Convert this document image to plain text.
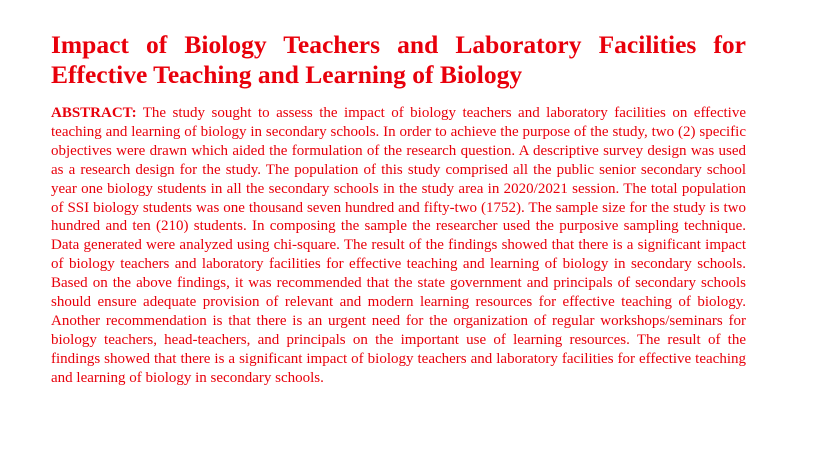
Impact of Biology Teachers and Laboratory Facilities for Effective Teaching and Learning of Biology

ABSTRACT: The study sought to assess the impact of biology teachers and laboratory facilities on effective teaching and learning of biology in secondary schools. In order to achieve the purpose of the study, two (2) specific objectives were drawn which aided the formulation of the research question. A descriptive survey design was used as a research design for the study. The population of this study comprised all the public senior secondary school year one biology students in all the secondary schools in the study area in 2020/2021 session. The total population of SSI biology students was one thousand seven hundred and fifty-two (1752). The sample size for the study is two hundred and ten (210) students. In composing the sample the researcher used the purposive sampling technique. Data generated were analyzed using chi-square. The result of the findings showed that there is a significant impact of biology teachers and laboratory facilities for effective teaching and learning of biology in secondary schools. Based on the above findings, it was recommended that the state government and principals of secondary schools should ensure adequate provision of relevant and modern learning resources for effective teaching of biology. Another recommendation is that there is an urgent need for the organization of regular workshops/seminars for biology teachers, head-teachers, and principals on the important use of learning resources. The result of the findings showed that there is a significant impact of biology teachers and laboratory facilities for effective teaching and learning of biology in secondary schools.
